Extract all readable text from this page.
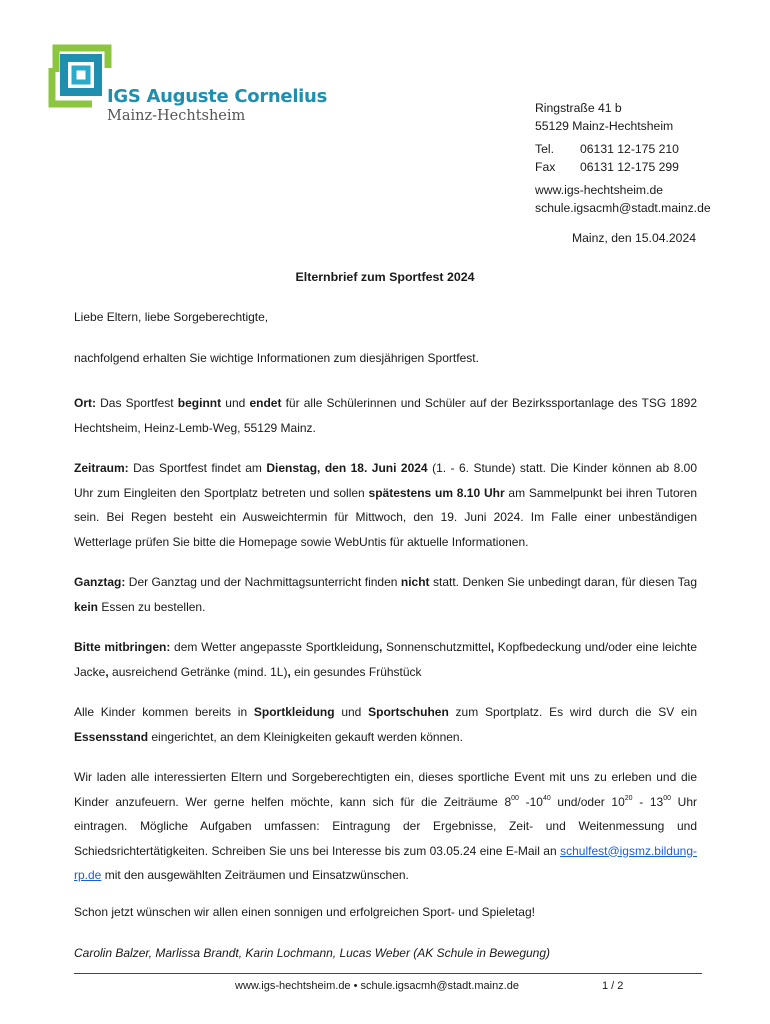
IGS Auguste Cornelius
Mainz-Hechtsheim	Ringstraße 41 b
55129 Mainz-Hechtsheim
Tel. 06131 12-175 210
Fax 06131 12-175 299
www.igs-hechtsheim.de
schule.igsacmh@stadt.mainz.de
Mainz, den 15.04.2024
Elternbrief zum Sportfest 2024

Liebe Eltern, liebe Sorgeberechtigte,

nachfolgend erhalten Sie wichtige Informationen zum diesjährigen Sportfest.

Ort: Das Sportfest beginnt und endet für alle Schülerinnen und Schüler auf der Bezirkssportanlage des TSG 1892 Hechtsheim, Heinz-Lemb-Weg, 55129 Mainz.

Zeitraum: Das Sportfest findet am Dienstag, den 18. Juni 2024 (1. - 6. Stunde) statt. Die Kinder können ab 8.00 Uhr zum Eingleiten den Sportplatz betreten und sollen spätestens um 8.10 Uhr am Sammelpunkt bei ihren Tutoren sein. Bei Regen besteht ein Ausweichtermin für Mittwoch, den 19. Juni 2024. Im Falle einer unbeständigen Wetterlage prüfen Sie bitte die Homepage sowie WebUntis für aktuelle Informationen.

Ganztag: Der Ganztag und der Nachmittagsunterricht finden nicht statt. Denken Sie unbedingt daran, für diesen Tag kein Essen zu bestellen.

Bitte mitbringen: dem Wetter angepasste Sportkleidung, Sonnenschutzmittel, Kopfbedeckung und/oder eine leichte Jacke, ausreichend Getränke (mind. 1L), ein gesundes Frühstück

Alle Kinder kommen bereits in Sportkleidung und Sportschuhen zum Sportplatz. Es wird durch die SV ein Essensstand eingerichtet, an dem Kleinigkeiten gekauft werden können.

Wir laden alle interessierten Eltern und Sorgeberechtigten ein, dieses sportliche Event mit uns zu erleben und die Kinder anzufeuern. Wer gerne helfen möchte, kann sich für die Zeiträume $8^{00}$ $-10^{40}$ und/oder $10^{20} - 13^{00}$ Uhr eintragen. Mögliche Aufgaben umfassen: Eintragung der Ergebnisse, Zeit- und Weitenmessung und Schiedsrichtertätigkeiten. Schreiben Sie uns bei Interesse bis zum 03.05.24 eine E-Mail an schulfest@igsmz.bildung-rp.de mit den ausgewählten Zeiträumen und Einsatzwünschen.

Schon jetzt wünschen wir allen einen sonnigen und erfolgreichen Sport- und Spieletag!

Carolin Balzer, Marlissa Brandt, Karin Lochmann, Lucas Weber (AK Schule in Bewegung)

www.igs-hechtsheim.de • schule.igsacmh@stadt.mainz.de	1 / 2
